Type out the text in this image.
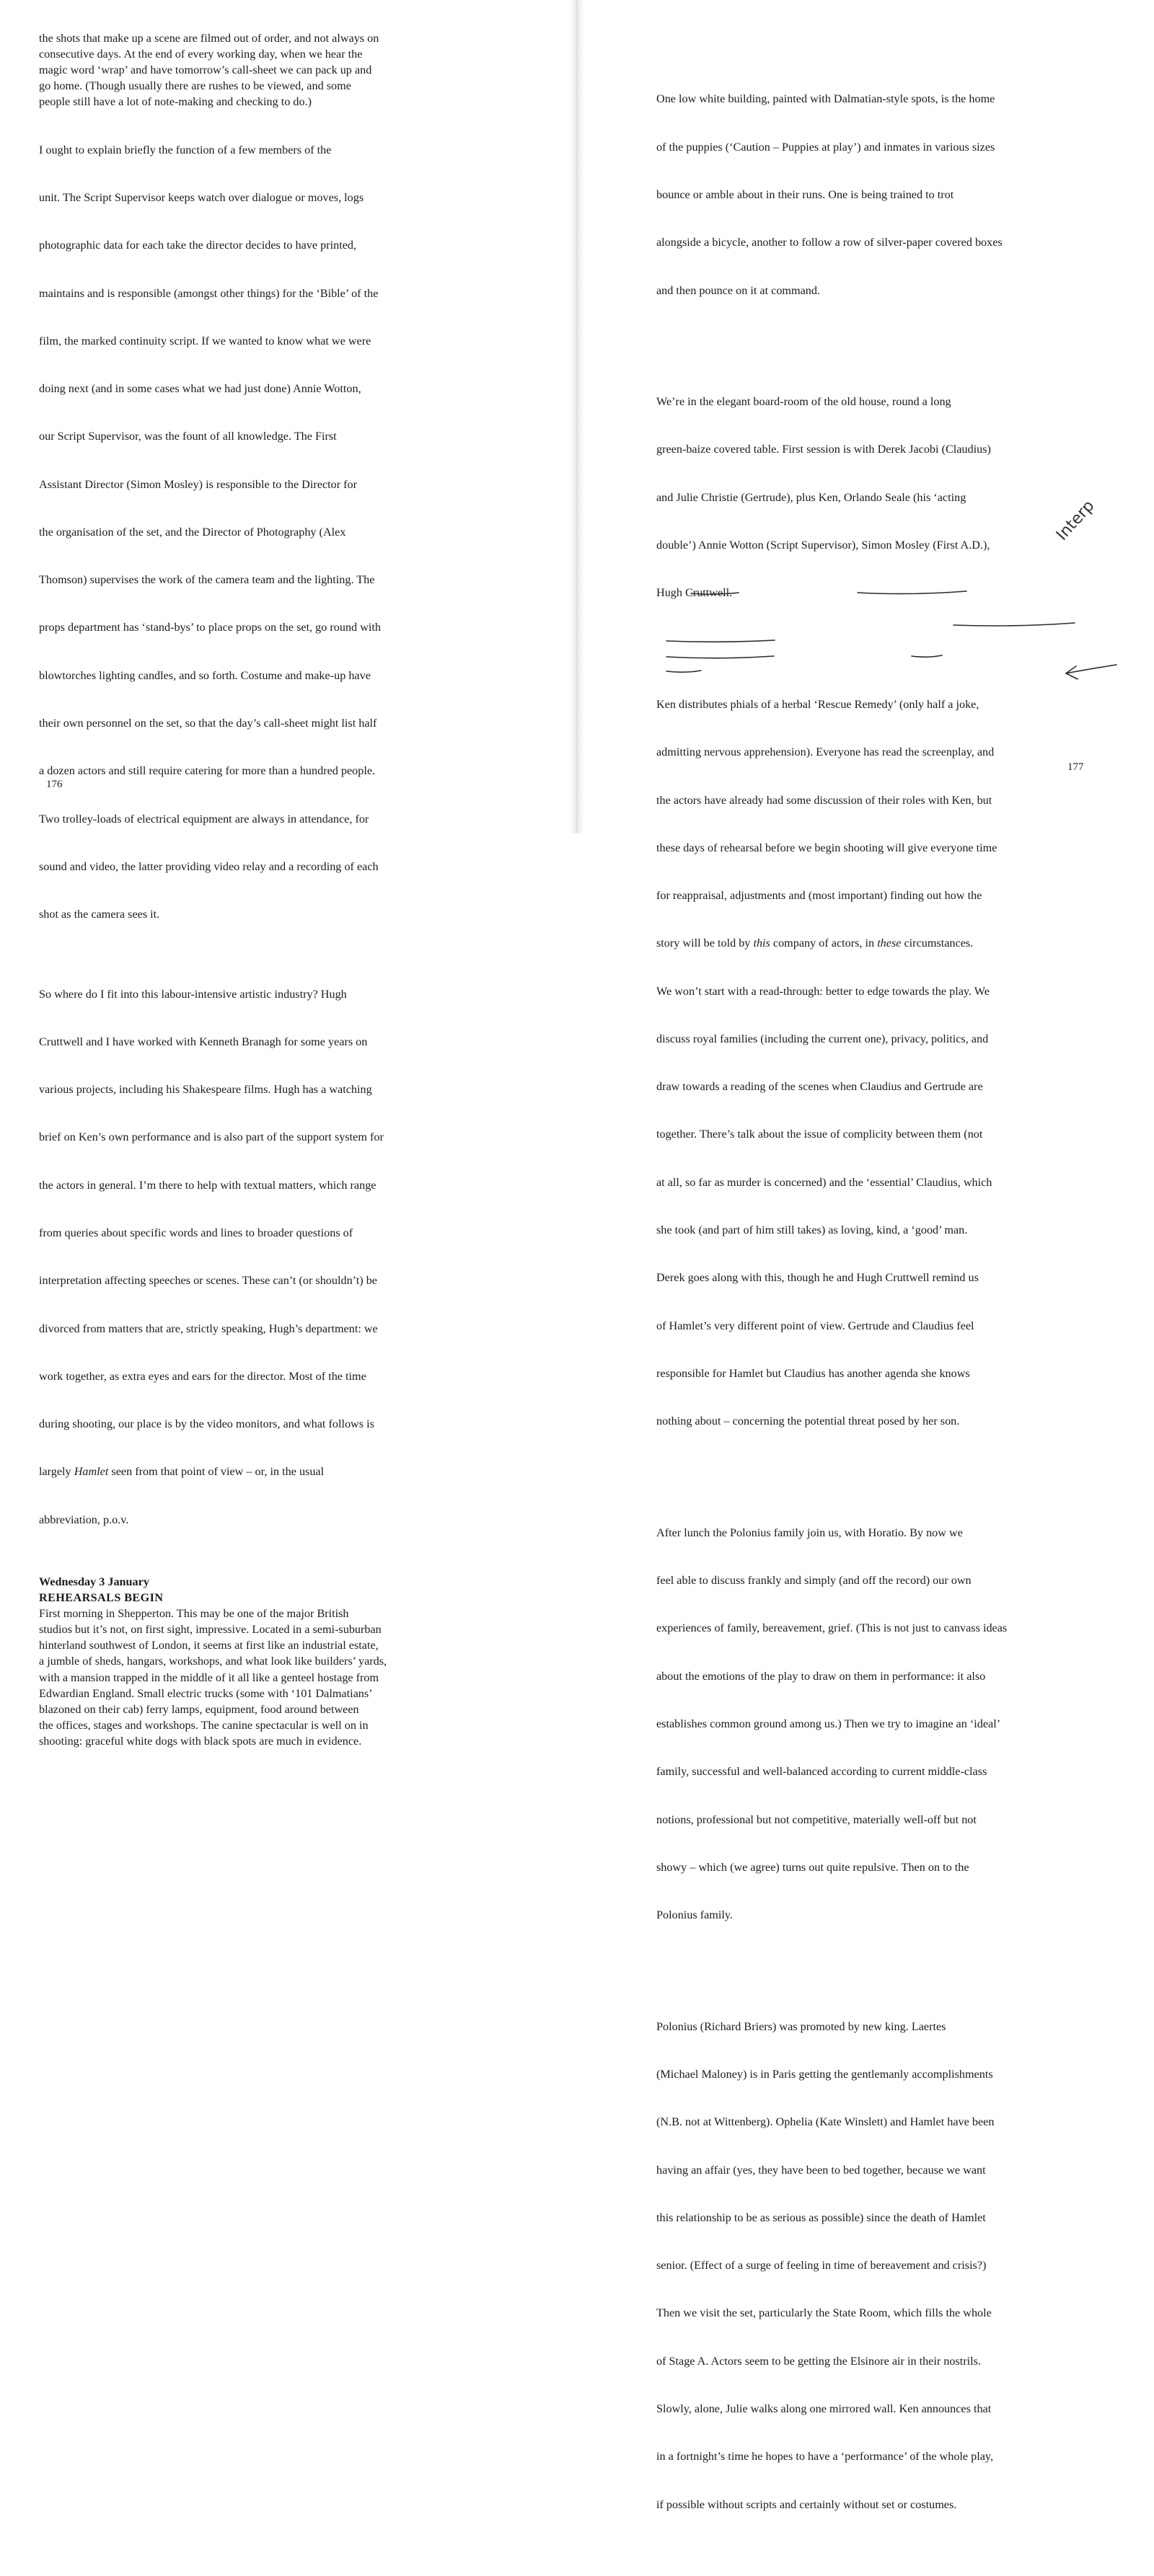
the shots that make up a scene are filmed out of order, and not always on
consecutive days. At the end of every working day, when we hear the
magic word ‘wrap’ and have tomorrow’s call-sheet we can pack up and
go home. (Though usually there are rushes to be viewed, and some
people still have a lot of note-making and checking to do.)

I ought to explain briefly the function of a few members of the

unit. The Script Supervisor keeps watch over dialogue or moves, logs

photographic data for each take the director decides to have printed,

maintains and is responsible (amongst other things) for the ‘Bible’ of the

film, the marked continuity script. If we wanted to know what we were

doing next (and in some cases what we had just done) Annie Wotton,

our Script Supervisor, was the fount of all knowledge. The First

Assistant Director (Simon Mosley) is responsible to the Director for

the organisation of the set, and the Director of Photography (Alex

Thomson) supervises the work of the camera team and the lighting. The

props department has ‘stand-bys’ to place props on the set, go round with

blowtorches lighting candles, and so forth. Costume and make-up have

their own personnel on the set, so that the day’s call-sheet might list half

a dozen actors and still require catering for more than a hundred people.

Two trolley-loads of electrical equipment are always in attendance, for

sound and video, the latter providing video relay and a recording of each

shot as the camera sees it.

So where do I fit into this labour-intensive artistic industry? Hugh

Cruttwell and I have worked with Kenneth Branagh for some years on

various projects, including his Shakespeare films. Hugh has a watching

brief on Ken’s own performance and is also part of the support system for

the actors in general. I’m there to help with textual matters, which range

from queries about specific words and lines to broader questions of

interpretation affecting speeches or scenes. These can’t (or shouldn’t) be

divorced from matters that are, strictly speaking, Hugh’s department: we

work together, as extra eyes and ears for the director. Most of the time

during shooting, our place is by the video monitors, and what follows is

largely Hamlet seen from that point of view – or, in the usual

abbreviation, p.o.v.

Wednesday 3 January
REHEARSALS BEGIN
First morning in Shepperton. This may be one of the major British
studios but it’s not, on first sight, impressive. Located in a semi-suburban
hinterland southwest of London, it seems at first like an industrial estate,
a jumble of sheds, hangars, workshops, and what look like builders’ yards,
with a mansion trapped in the middle of it all like a genteel hostage from
Edwardian England. Small electric trucks (some with ‘101 Dalmatians’
blazoned on their cab) ferry lamps, equipment, food around between
the offices, stages and workshops. The canine spectacular is well on in
shooting: graceful white dogs with black spots are much in evidence.
176

One low white building, painted with Dalmatian-style spots, is the home

of the puppies (‘Caution – Puppies at play’) and inmates in various sizes

bounce or amble about in their runs. One is being trained to trot

alongside a bicycle, another to follow a row of silver-paper covered boxes

and then pounce on it at command.

We’re in the elegant board-room of the old house, round a long

green-baize covered table. First session is with Derek Jacobi (Claudius)

and Julie Christie (Gertrude), plus Ken, Orlando Seale (his ‘acting

double’) Annie Wotton (Script Supervisor), Simon Mosley (First A.D.),

Hugh Cruttwell.

Ken distributes phials of a herbal ‘Rescue Remedy’ (only half a joke,

admitting nervous apprehension). Everyone has read the screenplay, and

the actors have already had some discussion of their roles with Ken, but

these days of rehearsal before we begin shooting will give everyone time

for reappraisal, adjustments and (most important) finding out how the

story will be told by this company of actors, in these circumstances.

We won’t start with a read-through: better to edge towards the play. We

discuss royal families (including the current one), privacy, politics, and

draw towards a reading of the scenes when Claudius and Gertrude are

together. There’s talk about the issue of complicity between them (not

at all, so far as murder is concerned) and the ‘essential’ Claudius, which

she took (and part of him still takes) as loving, kind, a ‘good’ man.

Derek goes along with this, though he and Hugh Cruttwell remind us

of Hamlet’s very different point of view. Gertrude and Claudius feel

responsible for Hamlet but Claudius has another agenda she knows

nothing about – concerning the potential threat posed by her son.

After lunch the Polonius family join us, with Horatio. By now we

feel able to discuss frankly and simply (and off the record) our own

experiences of family, bereavement, grief. (This is not just to canvass ideas

about the emotions of the play to draw on them in performance: it also

establishes common ground among us.) Then we try to imagine an ‘ideal’

family, successful and well-balanced according to current middle-class

notions, professional but not competitive, materially well-off but not

showy – which (we agree) turns out quite repulsive. Then on to the

Polonius family.

Polonius (Richard Briers) was promoted by new king. Laertes

(Michael Maloney) is in Paris getting the gentlemanly accomplishments

(N.B. not at Wittenberg). Ophelia (Kate Winslett) and Hamlet have been

having an affair (yes, they have been to bed together, because we want

this relationship to be as serious as possible) since the death of Hamlet

senior. (Effect of a surge of feeling in time of bereavement and crisis?)

Then we visit the set, particularly the State Room, which fills the whole

of Stage A. Actors seem to be getting the Elsinore air in their nostrils.

Slowly, alone, Julie walks along one mirrored wall. Ken announces that

in a fortnight’s time he hopes to have a ‘performance’ of the whole play,

if possible without scripts and certainly without set or costumes.

177
Interp
